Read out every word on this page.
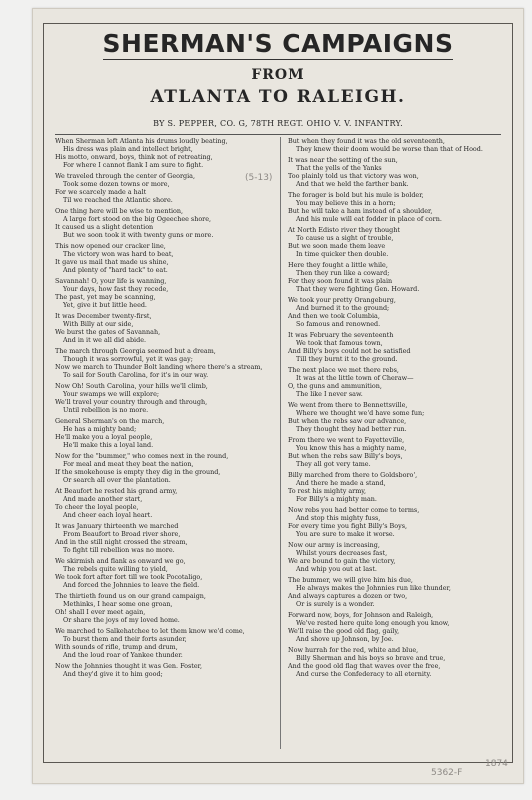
SHERMAN'S CAMPAIGNS
FROM
ATLANTA TO RALEIGH.
BY S. PEPPER, CO. G, 78TH REGT. OHIO V. V. INFANTRY.
(5-13)
When Sherman left Atlanta his drums loudly beating,
His dress was plain and intellect bright,
His motto, onward, boys, think not of retreating,
For where I cannot flank I am sure to fight.
We traveled through the center of Georgia,
Took some dozen towns or more,
For we scarcely made a halt
Til we reached the Atlantic shore.
One thing here will be wise to mention,
A large fort stood on the big Ogeechee shore,
It caused us a slight detention
But we soon took it with twenty guns or more.
This now opened our cracker line,
The victory won was hard to beat,
It gave us mail that made us shine,
And plenty of "hard tack" to eat.
Savannah! O, your life is wanning,
Your days, how fast they recede,
The past, yet may be scanning,
Yet, give it but little heed.
It was December twenty-first,
With Billy at our side,
We burst the gates of Savannah,
And in it we all did abide.
The march through Georgia seemed but a dream,
Though it was sorrowful, yet it was gay;
Now we march to Thunder Bolt landing where there's a stream,
To sail for South Carolina, for it's in our way.
Now Oh! South Carolina, your hills we'll climb,
Your swamps we will explore;
We'll travel your country through and through,
Until rebellion is no more.
General Sherman's on the march,
He has a mighty band;
He'll make you a loyal people,
He'll make this a loyal land.
Now for the "bummer," who comes next in the round,
For meal and meat they beat the nation,
If the smokehouse is empty they dig in the ground,
Or search all over the plantation.
At Beaufort he rested his grand army,
And made another start,
To cheer the loyal people,
And cheer each loyal heart.
It was January thirteenth we marched
From Beaufort to Broad river shore,
And in the still night crossed the stream,
To fight till rebellion was no more.
We skirmish and flank as onward we go,
The rebels quite willing to yield,
We took fort after fort till we took Pocotaligo,
And forced the Johnnies to leave the field.
The thirtieth found us on our grand campaign,
Methinks, I hear some one groan,
Oh! shall I ever meet again,
Or share the joys of my loved home.
We marched to Salkehatchee to let them know we'd come,
To burst them and their forts asunder,
With sounds of rifle, trump and drum,
And the loud roar of Yankee thunder.
Now the Johnnies thought it was Gen. Foster,
And they'd give it to him good;
But when they found it was the old seventeenth,
They knew their doom would be worse than that of Hood.
It was near the setting of the sun,
That the yells of the Yanks
Too plainly told us that victory was won,
And that we held the farther bank.
The forager is bold but his mule is bolder,
You may believe this in a horn;
But he will take a ham instead of a shoulder,
And his mule will eat fodder in place of corn.
At North Edisto river they thought
To cause us a sight of trouble,
But we soon made them leave
In time quicker then double.
Here they fought a little while,
Then they run like a coward;
For they soon found it was plain
That they were fighting Gen. Howard.
We took your pretty Orangeburg,
And burned it to the ground;
And then we took Columbia,
So famous and renowned.
It was February the seventeenth
We took that famous town,
And Billy's boys could not be satisfied
Till they burnt it to the ground.
The next place we met there rebs,
It was at the little town of Cheraw—
O, the guns and ammunition,
The like I never saw.
We went from there to Bennettsville,
Where we thought we'd have some fun;
But when the rebs saw our advance,
They thought they had better run.
From there we went to Fayetteville,
You know this has a mighty name,
But when the rebs saw Billy's boys,
They all got very tame.
Billy marched from there to Goldsboro',
And there he made a stand,
To rest his mighty army,
For Billy's a mighty man.
Now rebs you had better come to terms,
And stop this mighty fuss,
For every time you fight Billy's Boys,
You are sure to make it worse.
Now our army is increasing,
Whilst yours decreases fast,
We are bound to gain the victory,
And whip you out at last.
The bummer, we will give him his due,
He always makes the Johnnies run like thunder,
And always captures a dozen or two,
Or is surely is a wonder.
Forward now, boys, for Johnson and Raleigh,
We've rested here quite long enough you know,
We'll raise the good old flag, gaily,
And shove up Johnson, by Joe.
Now hurrah for the red, white and blue,
Billy Sherman and his boys so brave and true,
And the good old flag that waves over the free,
And curse the Confederacy to all eternity.
1874
5362-F
